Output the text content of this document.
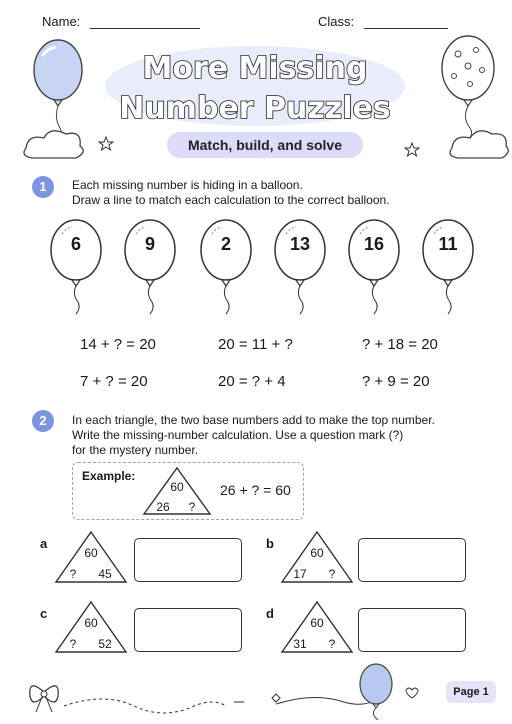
Name:	Class:
More Missing
Number Puzzles
Match, build, and solve
1	Each missing number is hiding in a balloon.
Draw a line to match each calculation to the correct balloon.
6	9	2	13	16	11
14 + ? = 20	20 = 11 + ?	? + 18 = 20
7 + ? = 20	20 = ? + 4	? + 9 = 20
2	In each triangle, the two base numbers add to make the top number.
Write the missing-number calculation. Use a question mark (?)
for the mystery number.
Example:
60
26	?
26 + ? = 60
a
60
?	45
b
60
17	?
c
60
?	52
d
60
31	?
Page 1
